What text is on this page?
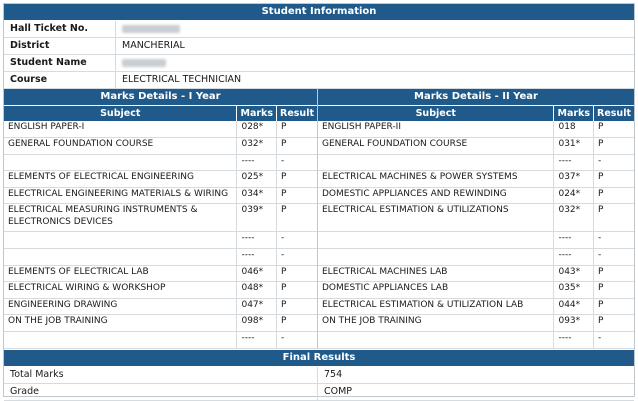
Student Information
Hall Ticket No.
District	MANCHERIAL
Student Name
Course	ELECTRICAL TECHNICIAN
Marks Details - I Year
Subject	Marks	Result
ENGLISH PAPER-I	028*	P
GENERAL FOUNDATION COURSE	032*	P
	----	-
ELEMENTS OF ELECTRICAL ENGINEERING	025*	P
ELECTRICAL ENGINEERING MATERIALS & WIRING	034*	P
ELECTRICAL MEASURING INSTRUMENTS & ELECTRONICS DEVICES	039*	P
	----	-
	----	-
ELEMENTS OF ELECTRICAL LAB	046*	P
ELECTRICAL WIRING & WORKSHOP	048*	P
ENGINEERING DRAWING	047*	P
ON THE JOB TRAINING	098*	P
	----	-
Marks Details - II Year
Subject	Marks	Result
ENGLISH PAPER-II	018	P
GENERAL FOUNDATION COURSE	031*	P
	----	-
ELECTRICAL MACHINES & POWER SYSTEMS	037*	P
DOMESTIC APPLIANCES AND REWINDING	024*	P
ELECTRICAL ESTIMATION & UTILIZATIONS	032*	P
	----	-
	----	-
ELECTRICAL MACHINES LAB	043*	P
DOMESTIC APPLIANCES LAB	035*	P
ELECTRICAL ESTIMATION & UTILIZATION LAB	044*	P
ON THE JOB TRAINING	093*	P
	----	-
Final Results
Total Marks	754
Grade	COMP
